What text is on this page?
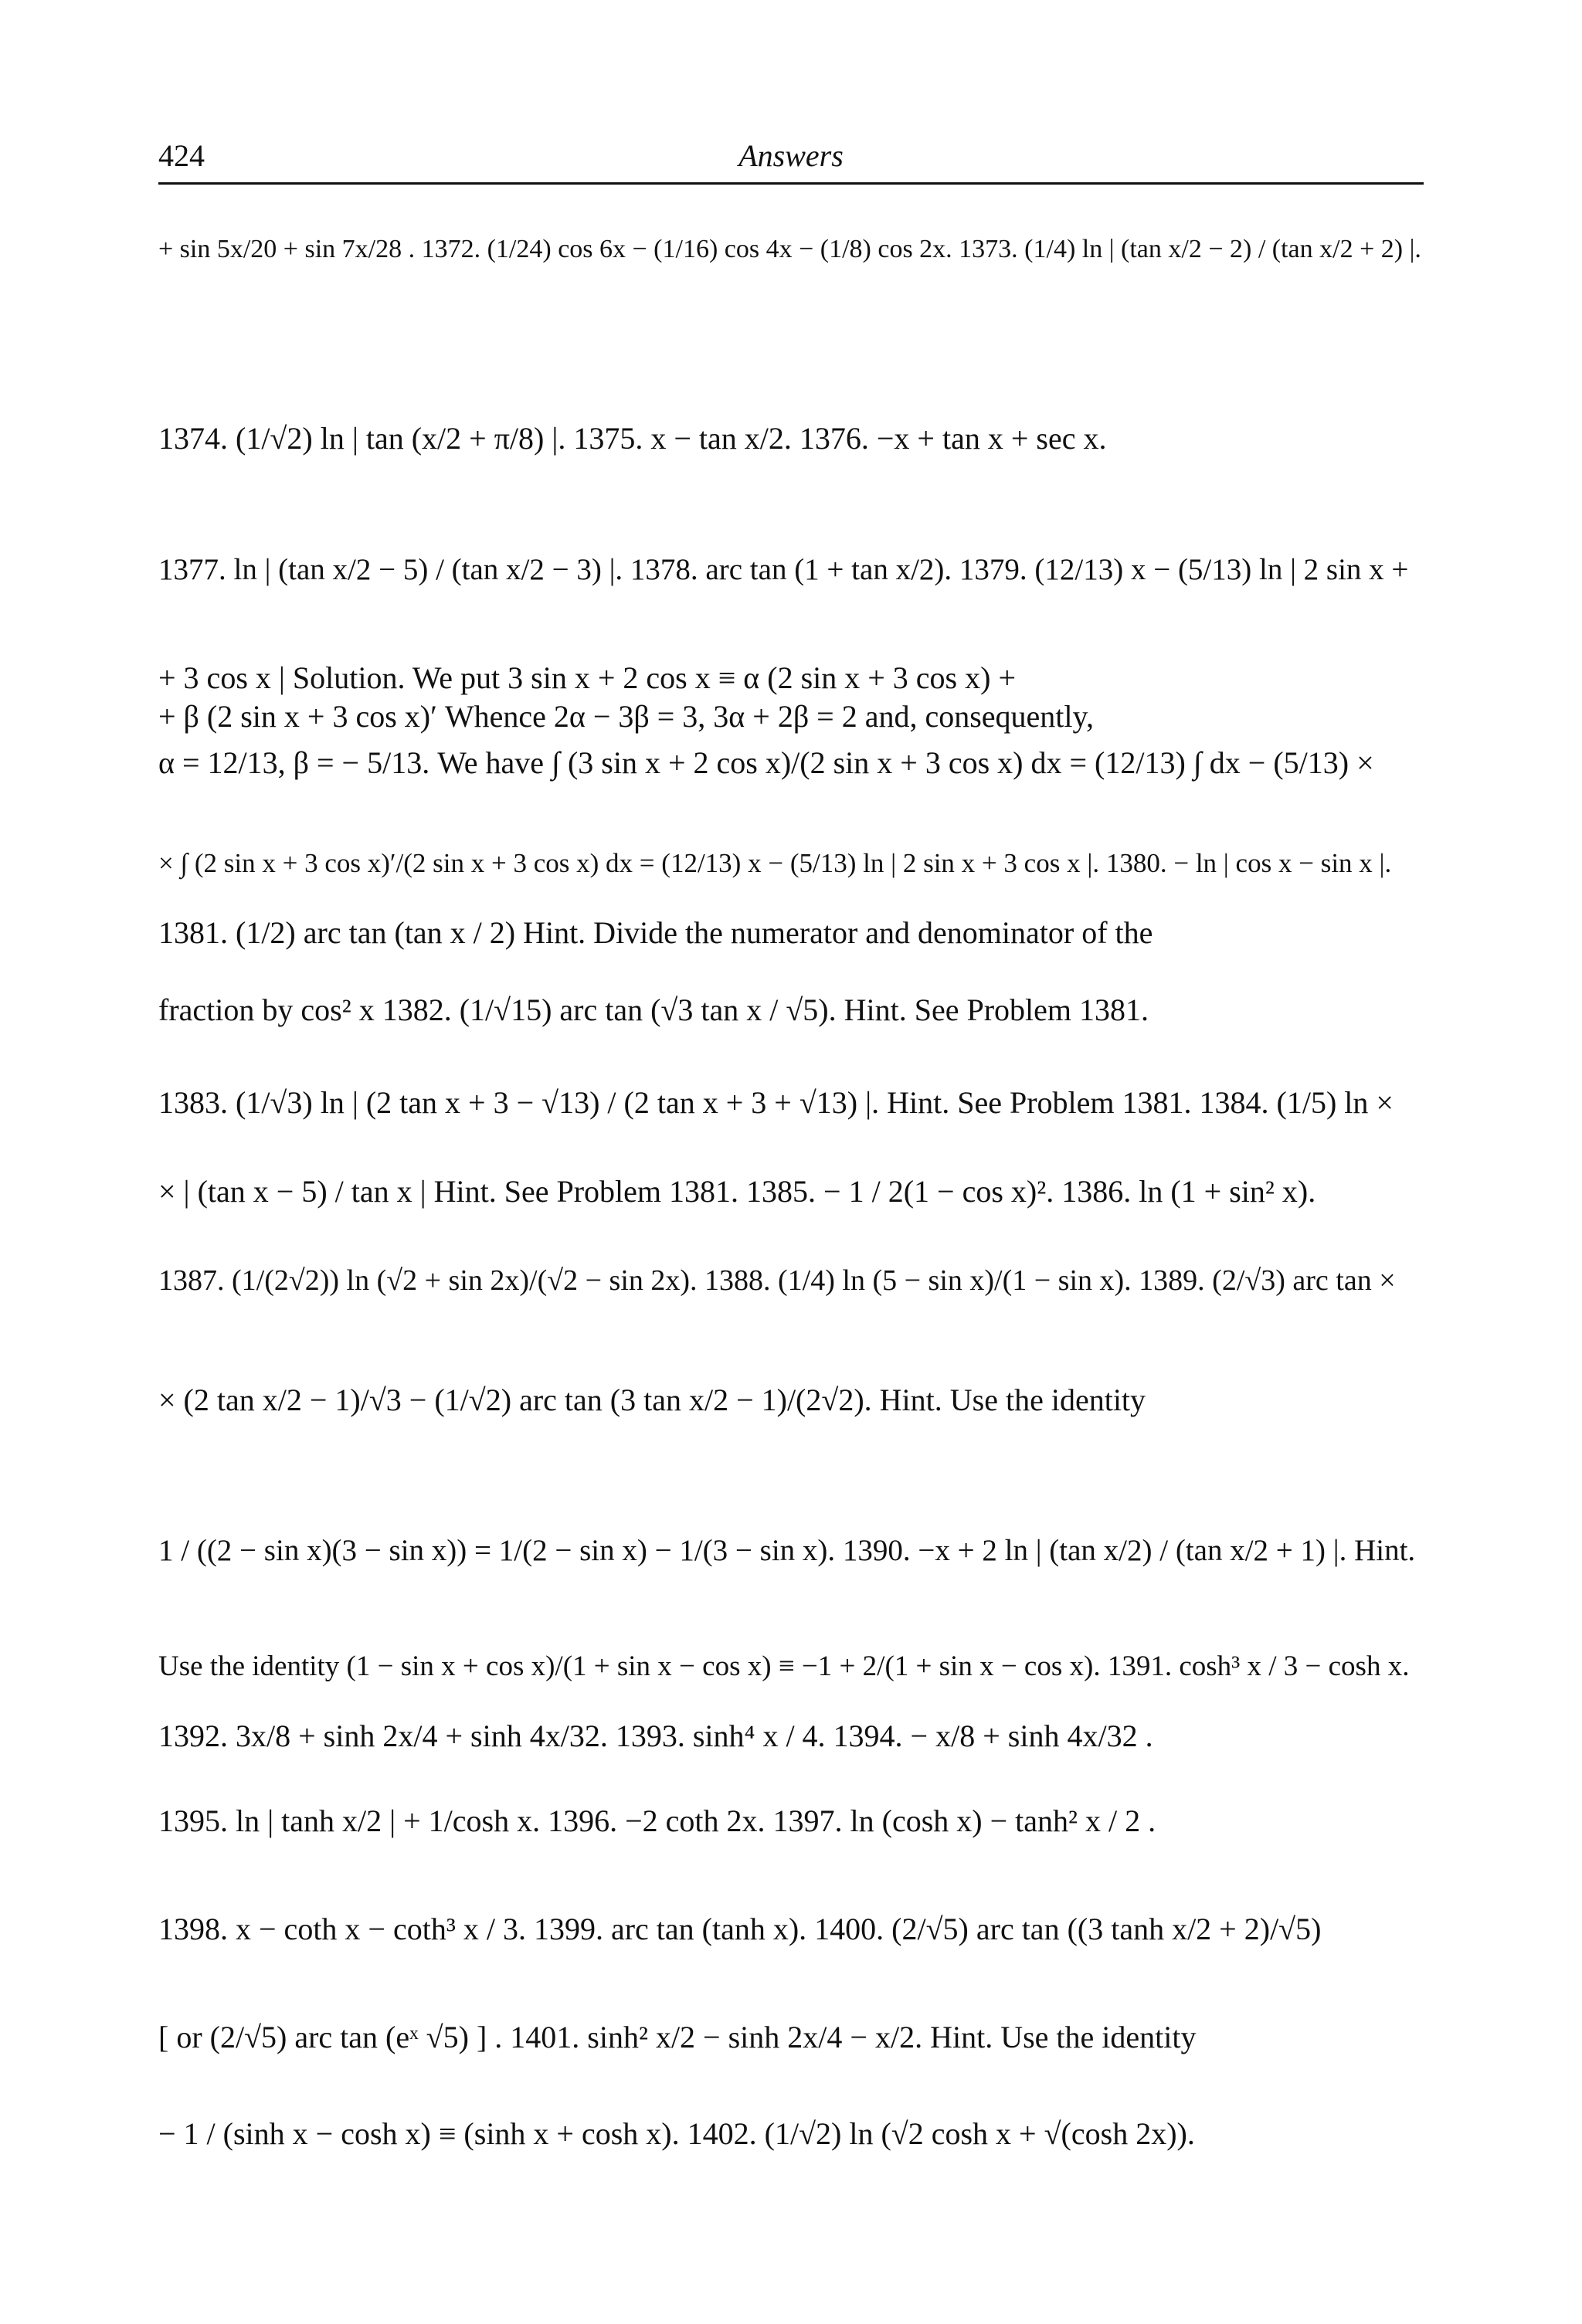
424	Answers
+ sin 5x/20 + sin 7x/28 . 1372. (1/24) cos 6x − (1/16) cos 4x − (1/8) cos 2x. 1373. (1/4) ln | (tan x/2 − 2) / (tan x/2 + 2) |.
1374. (1/√2) ln | tan (x/2 + π/8) |. 1375. x − tan x/2. 1376. −x + tan x + sec x.
1377. ln | (tan x/2 − 5) / (tan x/2 − 3) |. 1378. arc tan (1 + tan x/2). 1379. (12/13) x − (5/13) ln | 2 sin x +
+ 3 cos x | Solution. We put 3 sin x + 2 cos x ≡ α (2 sin x + 3 cos x) +
+ β (2 sin x + 3 cos x)′ Whence 2α − 3β = 3, 3α + 2β = 2 and, consequently,
α = 12/13, β = − 5/13. We have ∫ (3 sin x + 2 cos x)/(2 sin x + 3 cos x) dx = (12/13) ∫ dx − (5/13) ×
× ∫ (2 sin x + 3 cos x)′/(2 sin x + 3 cos x) dx = (12/13) x − (5/13) ln | 2 sin x + 3 cos x |. 1380. − ln | cos x − sin x |.
1381. (1/2) arc tan (tan x / 2) Hint. Divide the numerator and denominator of the
fraction by cos² x 1382. (1/√15) arc tan (√3 tan x / √5). Hint. See Problem 1381.
1383. (1/√3) ln | (2 tan x + 3 − √13) / (2 tan x + 3 + √13) |. Hint. See Problem 1381. 1384. (1/5) ln ×
× | (tan x − 5) / tan x | Hint. See Problem 1381. 1385. − 1 / 2(1 − cos x)². 1386. ln (1 + sin² x).
1387. (1/(2√2)) ln (√2 + sin 2x)/(√2 − sin 2x). 1388. (1/4) ln (5 − sin x)/(1 − sin x). 1389. (2/√3) arc tan ×
× (2 tan x/2 − 1)/√3 − (1/√2) arc tan (3 tan x/2 − 1)/(2√2). Hint. Use the identity
1 / ((2 − sin x)(3 − sin x)) = 1/(2 − sin x) − 1/(3 − sin x). 1390. −x + 2 ln | (tan x/2) / (tan x/2 + 1) |. Hint.
Use the identity (1 − sin x + cos x)/(1 + sin x − cos x) ≡ −1 + 2/(1 + sin x − cos x). 1391. cosh³ x / 3 − cosh x.
1392. 3x/8 + sinh 2x/4 + sinh 4x/32. 1393. sinh⁴ x / 4. 1394. − x/8 + sinh 4x/32 .
1395. ln | tanh x/2 | + 1/cosh x. 1396. −2 coth 2x. 1397. ln (cosh x) − tanh² x / 2 .
1398. x − coth x − coth³ x / 3. 1399. arc tan (tanh x). 1400. (2/√5) arc tan ((3 tanh x/2 + 2)/√5)
[ or (2/√5) arc tan (eˣ √5) ] . 1401. sinh² x/2 − sinh 2x/4 − x/2. Hint. Use the identity
− 1 / (sinh x − cosh x) ≡ (sinh x + cosh x). 1402. (1/√2) ln (√2 cosh x + √(cosh 2x)).
